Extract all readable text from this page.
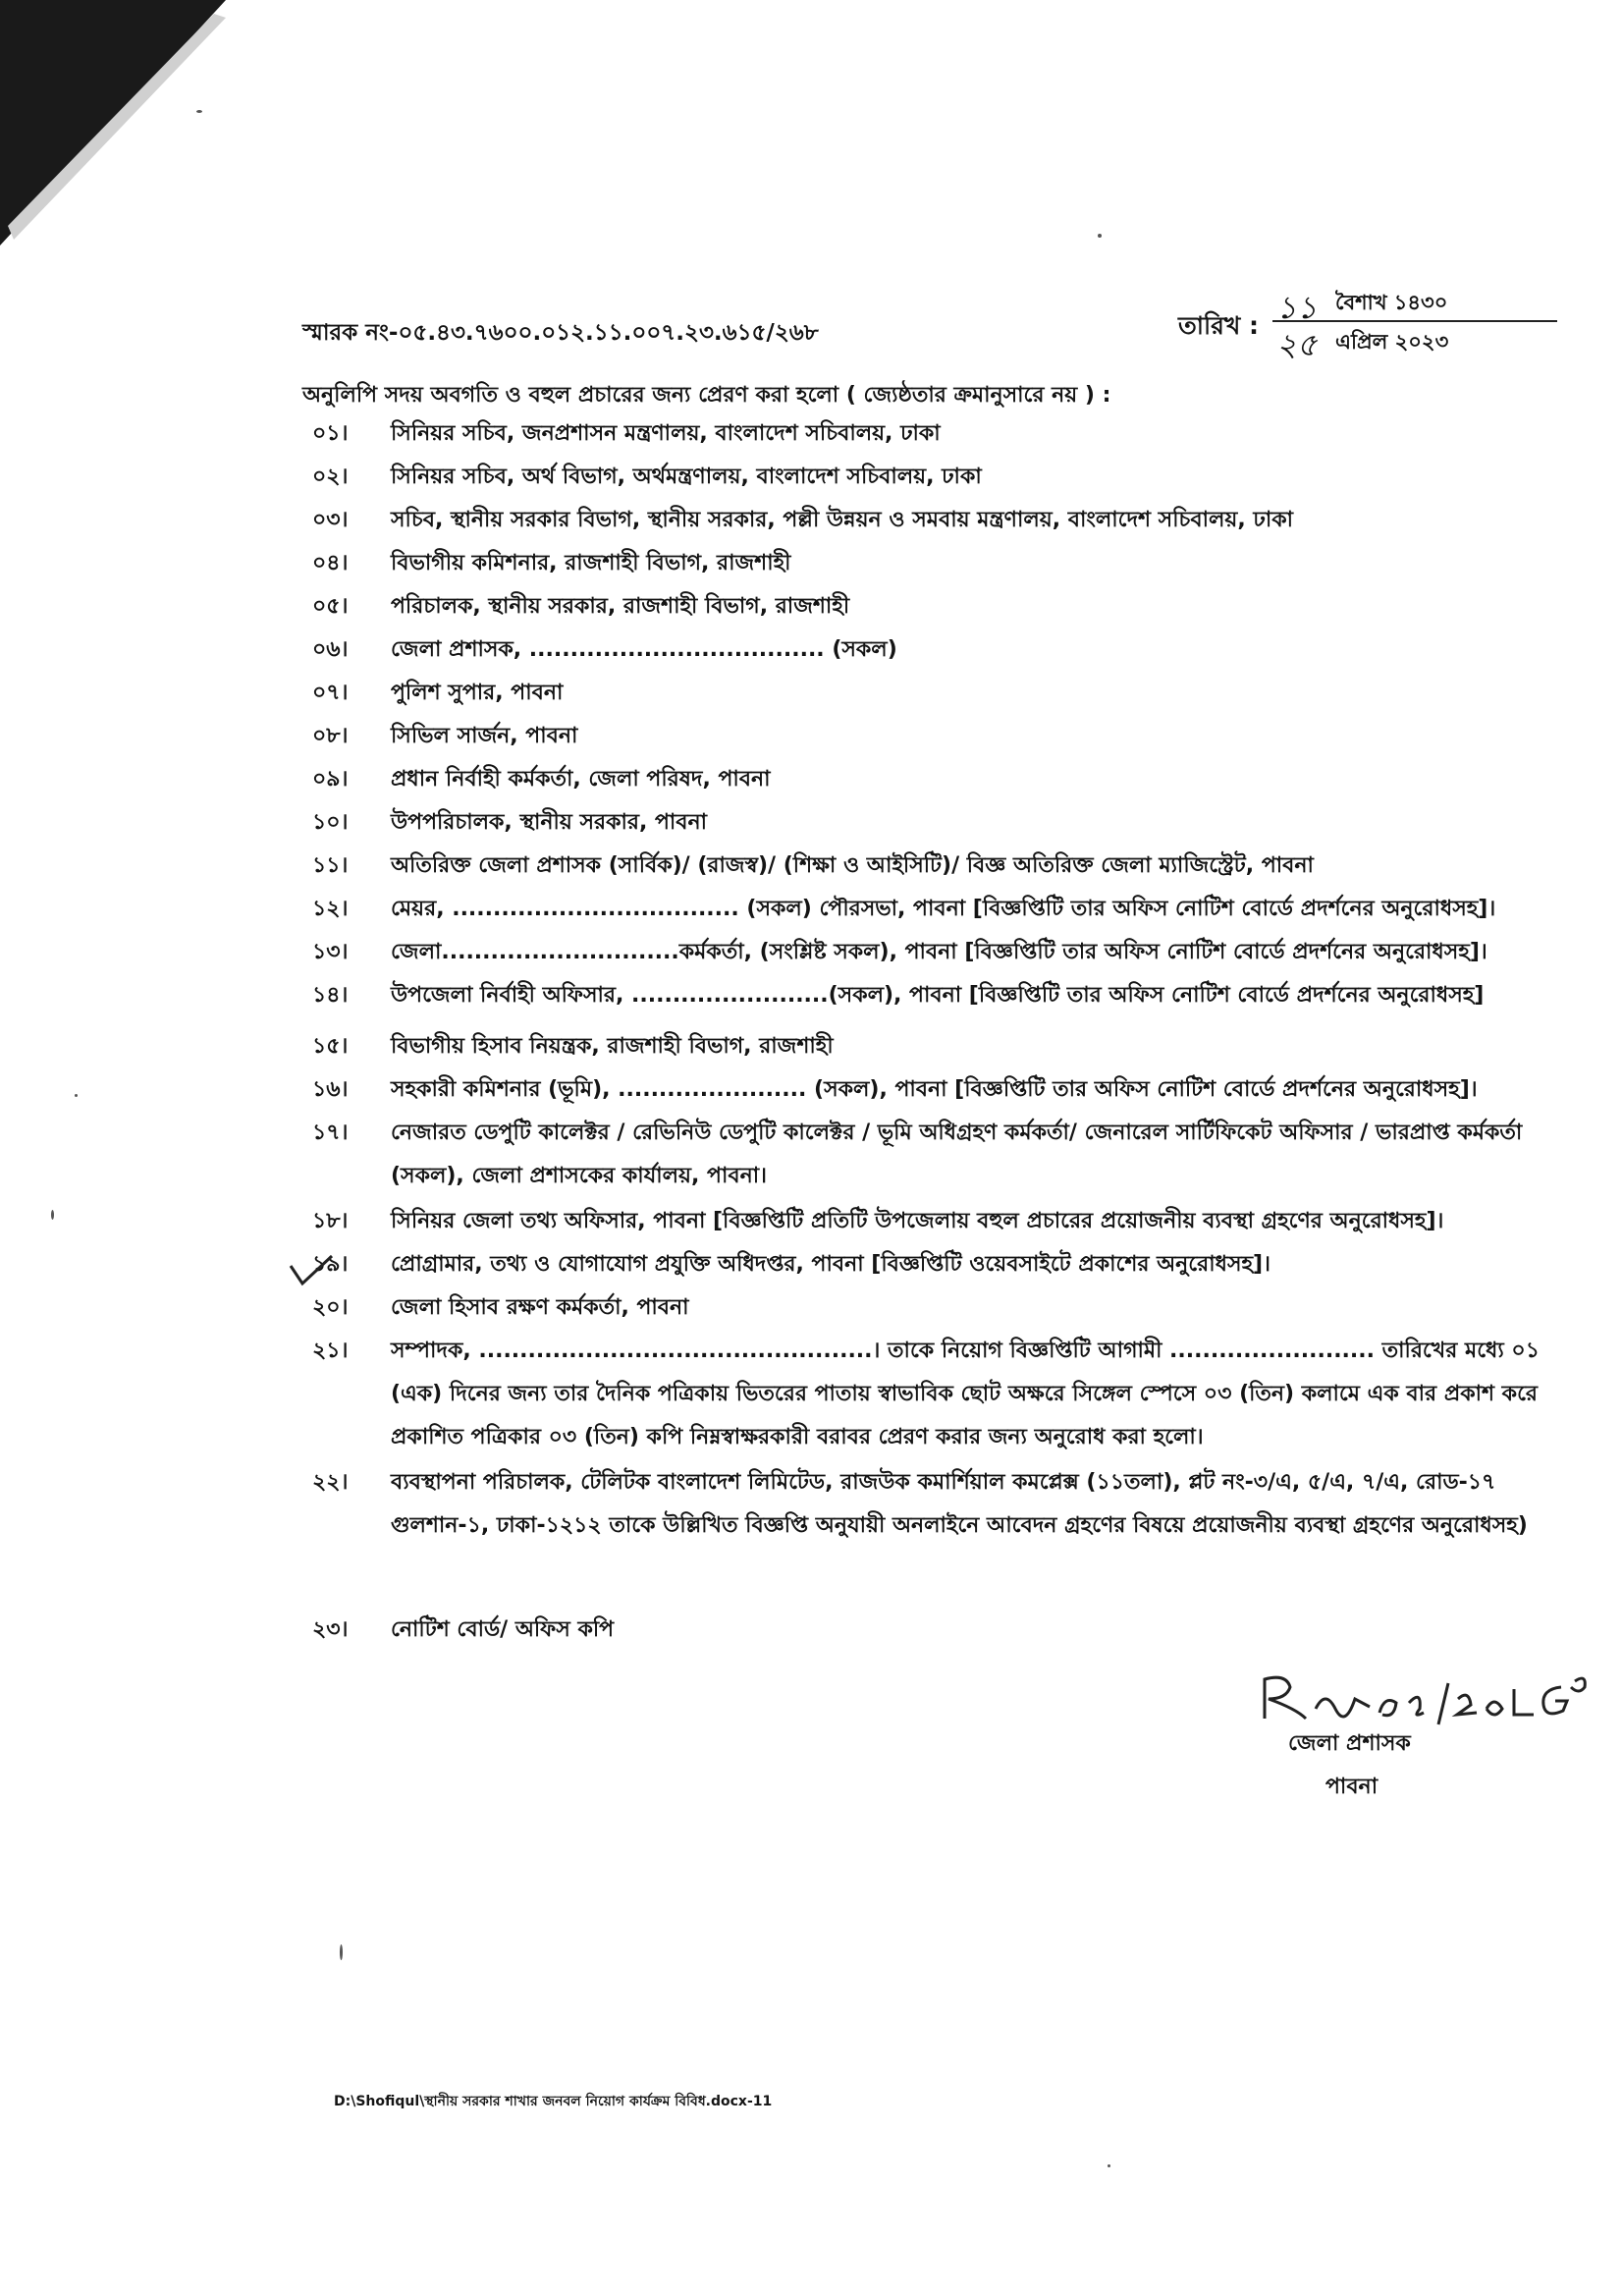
স্মারক নং-০৫.৪৩.৭৬০০.০১২.১১.০০৭.২৩.৬১৫/২৬৮	তারিখ : ১১ বৈশাখ ১৪৩০
২৫ এপ্রিল ২০২৩
অনুলিপি সদয় অবগতি ও বহুল প্রচারের জন্য প্রেরণ করা হলো ( জ্যেষ্ঠতার ক্রমানুসারে নয় ) :
০১।	সিনিয়র সচিব, জনপ্রশাসন মন্ত্রণালয়, বাংলাদেশ সচিবালয়, ঢাকা
০২।	সিনিয়র সচিব, অর্থ বিভাগ, অর্থমন্ত্রণালয়, বাংলাদেশ সচিবালয়, ঢাকা
০৩।	সচিব, স্থানীয় সরকার বিভাগ, স্থানীয় সরকার, পল্লী উন্নয়ন ও সমবায় মন্ত্রণালয়, বাংলাদেশ সচিবালয়, ঢাকা
০৪।	বিভাগীয় কমিশনার, রাজশাহী বিভাগ, রাজশাহী
০৫।	পরিচালক, স্থানীয় সরকার, রাজশাহী বিভাগ, রাজশাহী
০৬।	জেলা প্রশাসক, .................................... (সকল)
০৭।	পুলিশ সুপার, পাবনা
০৮।	সিভিল সার্জন, পাবনা
০৯।	প্রধান নির্বাহী কর্মকর্তা, জেলা পরিষদ, পাবনা
১০।	উপপরিচালক, স্থানীয় সরকার, পাবনা
১১।	অতিরিক্ত জেলা প্রশাসক (সার্বিক)/ (রাজস্ব)/ (শিক্ষা ও আইসিটি)/ বিজ্ঞ অতিরিক্ত জেলা ম্যাজিস্ট্রেট, পাবনা
১২।	মেয়র, ................................... (সকল) পৌরসভা, পাবনা [বিজ্ঞপ্তিটি তার অফিস নোটিশ বোর্ডে প্রদর্শনের অনুরোধসহ]।
১৩।	জেলা.............................কর্মকর্তা, (সংশ্লিষ্ট সকল), পাবনা [বিজ্ঞপ্তিটি তার অফিস নোটিশ বোর্ডে প্রদর্শনের অনুরোধসহ]।
১৪।	উপজেলা নির্বাহী অফিসার, ........................(সকল), পাবনা [বিজ্ঞপ্তিটি তার অফিস নোটিশ বোর্ডে প্রদর্শনের অনুরোধসহ]
১৫।	বিভাগীয় হিসাব নিয়ন্ত্রক, রাজশাহী বিভাগ, রাজশাহী
১৬।	সহকারী কমিশনার (ভূমি), ....................... (সকল), পাবনা [বিজ্ঞপ্তিটি তার অফিস নোটিশ বোর্ডে প্রদর্শনের অনুরোধসহ]।
১৭।	নেজারত ডেপুটি কালেক্টর / রেভিনিউ ডেপুটি কালেক্টর / ভূমি অধিগ্রহণ কর্মকর্তা/ জেনারেল সার্টিফিকেট অফিসার / ভারপ্রাপ্ত কর্মকর্তা (সকল), জেলা প্রশাসকের কার্যালয়, পাবনা।
১৮।	সিনিয়র জেলা তথ্য অফিসার, পাবনা [বিজ্ঞপ্তিটি প্রতিটি উপজেলায় বহুল প্রচারের প্রয়োজনীয় ব্যবস্থা গ্রহণের অনুরোধসহ]।
১৯।	প্রোগ্রামার, তথ্য ও যোগাযোগ প্রযুক্তি অধিদপ্তর, পাবনা [বিজ্ঞপ্তিটি ওয়েবসাইটে প্রকাশের অনুরোধসহ]।
২০।	জেলা হিসাব রক্ষণ কর্মকর্তা, পাবনা
২১।	সম্পাদক, ................................................। তাকে নিয়োগ বিজ্ঞপ্তিটি আগামী ......................... তারিখের মধ্যে ০১ (এক) দিনের জন্য তার দৈনিক পত্রিকায় ভিতরের পাতায় স্বাভাবিক ছোট অক্ষরে সিঙ্গেল স্পেসে ০৩ (তিন) কলামে এক বার প্রকাশ করে প্রকাশিত পত্রিকার ০৩ (তিন) কপি নিম্নস্বাক্ষরকারী বরাবর প্রেরণ করার জন্য অনুরোধ করা হলো।
২২।	ব্যবস্থাপনা পরিচালক, টেলিটক বাংলাদেশ লিমিটেড, রাজউক কমার্শিয়াল কমপ্লেক্স (১১তলা), প্লট নং-৩/এ, ৫/এ, ৭/এ, রোড-১৭ গুলশান-১, ঢাকা-১২১২ তাকে উল্লিখিত বিজ্ঞপ্তি অনুযায়ী অনলাইনে আবেদন গ্রহণের বিষয়ে প্রয়োজনীয় ব্যবস্থা গ্রহণের অনুরোধসহ)
২৩।	নোটিশ বোর্ড/ অফিস কপি
জেলা প্রশাসক
পাবনা
D:\Shofiqul\স্থানীয় সরকার শাখার জনবল নিয়োগ কার্যক্রম বিবিধ.docx-11
